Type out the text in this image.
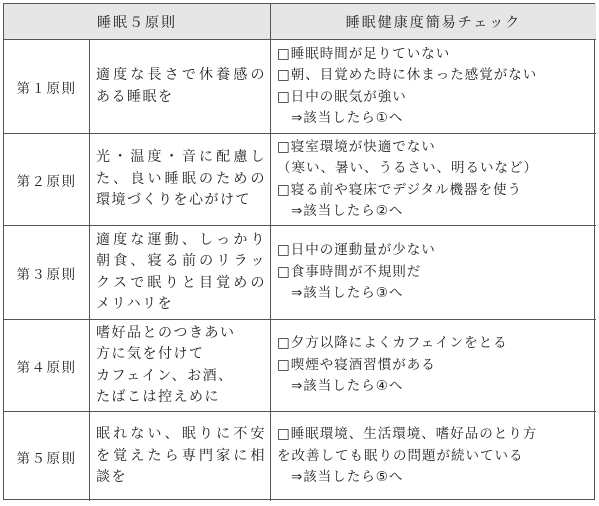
睡眠５原則	睡眠健康度簡易チェック
第１原則
適度な長さで休養感のある睡眠を
□睡眠時間が足りていない
□朝、目覚めた時に休まった感覚がない
□日中の眠気が強い
⇒該当したら①へ
第２原則
光・温度・音に配慮した、良い睡眠のための環境づくりを心がけて
□寝室環境が快適でない
（寒い、暑い、うるさい、明るいなど）
□寝る前や寝床でデジタル機器を使う
⇒該当したら②へ
第３原則
適度な運動、しっかり朝食、寝る前のリラックスで眠りと目覚めのメリハリを
□日中の運動量が少ない
□食事時間が不規則だ
⇒該当したら③へ
第４原則
嗜好品とのつきあい
方に気を付けて
カフェイン、お酒、
たばこは控えめに
□夕方以降によくカフェインをとる
□喫煙や寝酒習慣がある
⇒該当したら④へ
第５原則
眠れない、眠りに不安を覚えたら専門家に相談を
□睡眠環境、生活環境、嗜好品のとり方
を改善しても眠りの問題が続いている
⇒該当したら⑤へ
